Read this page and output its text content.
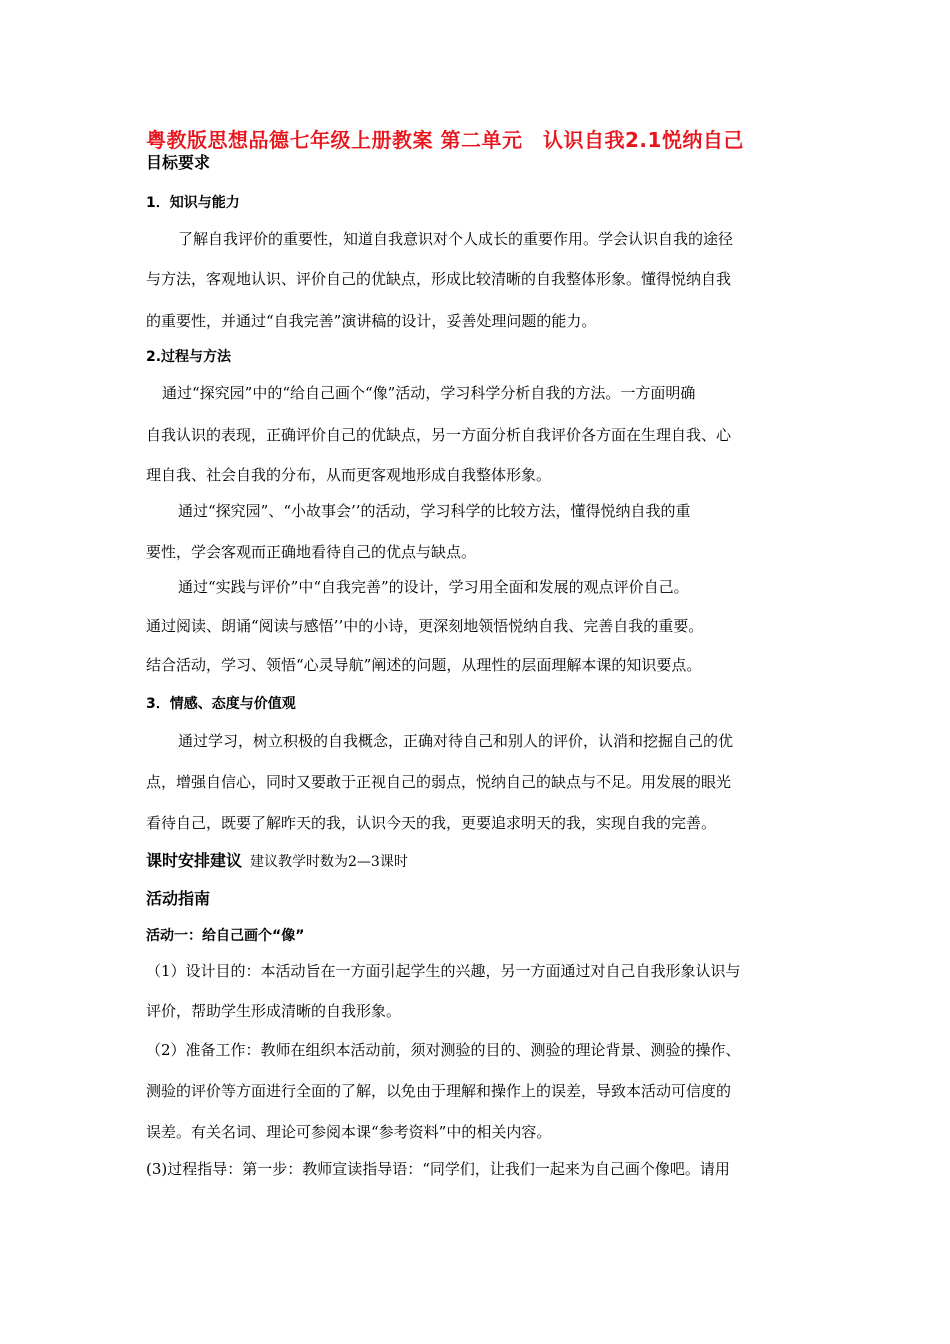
粤教版思想品德七年级上册教案 第二单元　认识自我2.1悦纳自己
目标要求
1．知识与能力
了解自我评价的重要性，知道自我意识对个人成长的重要作用。学会认识自我的途径
与方法，客观地认识、评价自己的优缺点，形成比较清晰的自我整体形象。懂得悦纳自我
的重要性，并通过“自我完善”演讲稿的设计，妥善处理问题的能力。
2.过程与方法
通过“探究园”中的“给自己画个“像”活动，学习科学分析自我的方法。一方面明确
自我认识的表现，正确评价自己的优缺点，另一方面分析自我评价各方面在生理自我、心
理自我、社会自我的分布，从而更客观地形成自我整体形象。
通过“探究园”、“小故事会’’的活动，学习科学的比较方法，懂得悦纳自我的重
要性，学会客观而正确地看待自己的优点与缺点。
通过“实践与评价”中“自我完善”的设计，学习用全面和发展的观点评价自己。
通过阅读、朗诵“阅读与感悟’’中的小诗，更深刻地领悟悦纳自我、完善自我的重要。
结合活动，学习、领悟“心灵导航”阐述的问题，从理性的层面理解本课的知识要点。
3．情感、态度与价值观
通过学习，树立积极的自我概念，正确对待自己和别人的评价，认消和挖掘自己的优
点，增强自信心，同时又要敢于正视自己的弱点，悦纳自己的缺点与不足。用发展的眼光
看待自己，既要了解昨天的我，认识今天的我，更要追求明天的我，实现自我的完善。
课时安排建议 建议教学时数为2—3课时
活动指南
活动一：给自己画个“像”
（1）设计目的：本活动旨在一方面引起学生的兴趣，另一方面通过对自己自我形象认识与
评价，帮助学生形成清晰的自我形象。
（2）准备工作：教师在组织本活动前，须对测验的目的、测验的理论背景、测验的操作、
测验的评价等方面进行全面的了解，以免由于理解和操作上的误差，导致本活动可信度的
误差。有关名词、理论可参阅本课“参考资料”中的相关内容。
(3)过程指导：第一步：教师宣读指导语：“同学们，让我们一起来为自己画个像吧。请用
